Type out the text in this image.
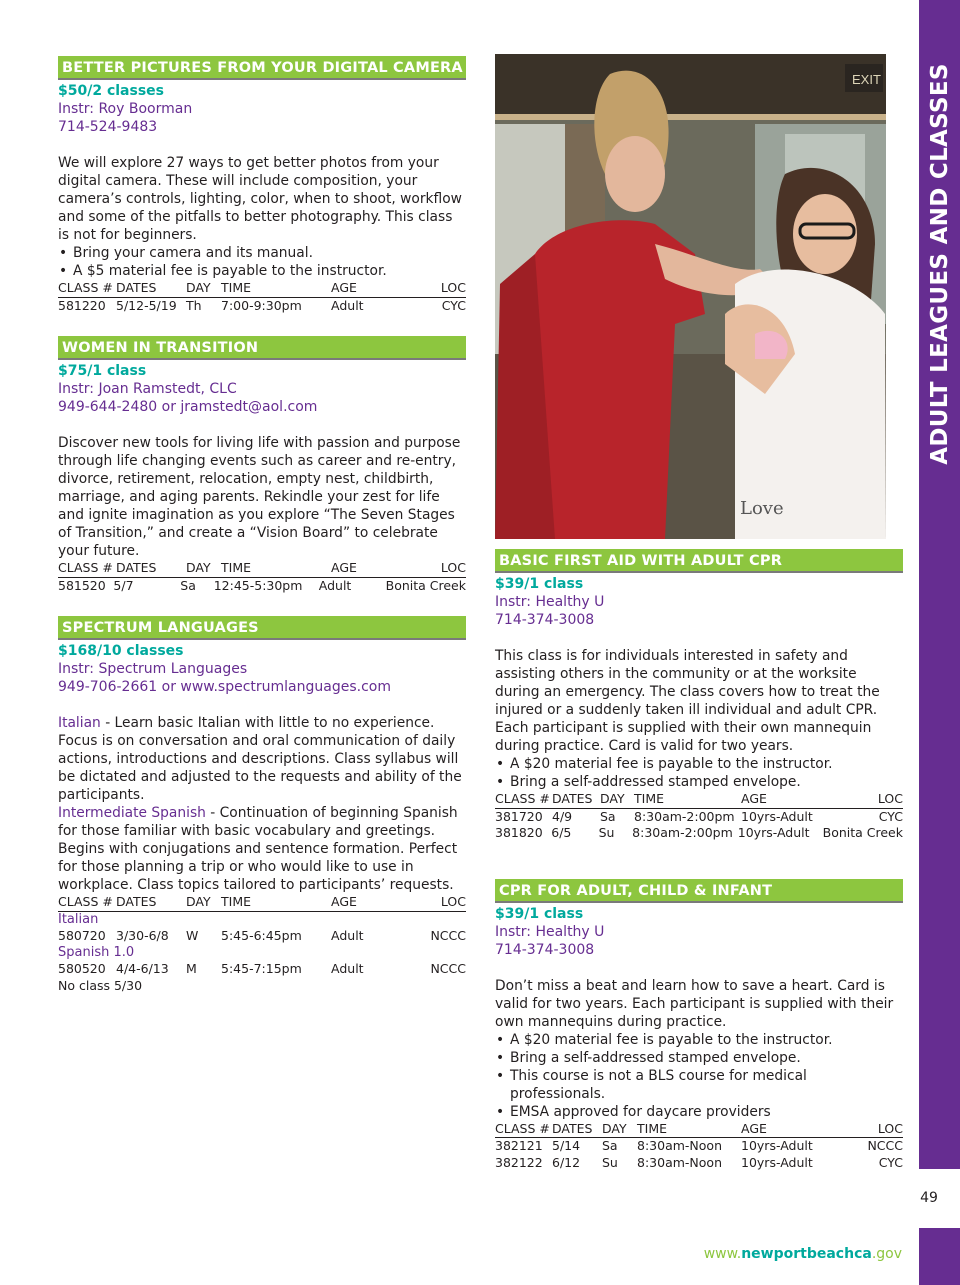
BETTER PICTURES FROM YOUR DIGITAL CAMERA
$50/2 classes
Instr: Roy Boorman
714-524-9483

We will explore 27 ways to get better photos from your digital camera. These will include composition, your camera’s controls, lighting, color, when to shoot, workflow and some of the pitfalls to better photography. This class is not for beginners.

• Bring your camera and its manual.
• A $5 material fee is payable to the instructor.
CLASS # DATES	DAY TIME	AGE	LOC
581220 5/12-5/19 Th	7:00-9:30pm	Adult	CYC
WOMEN IN TRANSITION
$75/1 class
Instr: Joan Ramstedt, CLC
949-644-2480 or jramstedt@aol.com

Discover new tools for living life with passion and purpose through life changing events such as career and re-entry, divorce, retirement, relocation, empty nest, childbirth, marriage, and aging parents. Rekindle your zest for life and ignite imagination as you explore “The Seven Stages of Transition,” and create a “Vision Board” to celebrate your future.

CLASS # DATES	DAY TIME	AGE	LOC
581520 5/7	Sa	12:45-5:30pm	Adult	Bonita Creek
SPECTRUM LANGUAGES
$168/10 classes
Instr: Spectrum Languages
949-706-2661 or www.spectrumlanguages.com

Italian - Learn basic Italian with little to no experience. Focus is on conversation and oral communication of daily actions, introductions and descriptions. Class syllabus will be dictated and adjusted to the requests and ability of the participants.

Intermediate Spanish - Continuation of beginning Spanish for those familiar with basic vocabulary and greetings. Begins with conjugations and sentence formation. Perfect for those planning a trip or who would like to use in workplace. Class topics tailored to participants’ requests.

CLASS # DATES	DAY TIME	AGE	LOC
Italian
580720 3/30-6/8	W	5:45-6:45pm	Adult	NCCC
Spanish 1.0
580520 4/4-6/13	M	5:45-7:15pm	Adult	NCCC
No class 5/30
EXIT
Love
BASIC FIRST AID WITH ADULT CPR
$39/1 class
Instr: Healthy U
714-374-3008

This class is for individuals interested in safety and assisting others in the community or at the worksite during an emergency. The class covers how to treat the injured or a suddenly taken ill individual and adult CPR. Each participant is supplied with their own mannequin during practice. Card is valid for two years.

• A $20 material fee is payable to the instructor.
• Bring a self-addressed stamped envelope.
CLASS # DATES DAY TIME	AGE	LOC
381720 4/9	Sa	8:30am-2:00pm 10yrs-Adult	CYC
381820 6/5	Su	8:30am-2:00pm 10yrs-Adult	Bonita Creek
CPR FOR ADULT, CHILD & INFANT
$39/1 class
Instr: Healthy U
714-374-3008

Don’t miss a beat and learn how to save a heart. Card is valid for two years. Each participant is supplied with their own mannequins during practice.

• A $20 material fee is payable to the instructor.
• Bring a self-addressed stamped envelope.
• This course is not a BLS course for medical professionals.
• EMSA approved for daycare providers
CLASS # DATES DAY TIME	AGE	LOC
382121 5/14	Sa	8:30am-Noon	10yrs-Adult	NCCC
382122 6/12	Su	8:30am-Noon	10yrs-Adult	CYC
ADULT LEAGUES AND CLASSES
49
www.newportbeachca.gov
